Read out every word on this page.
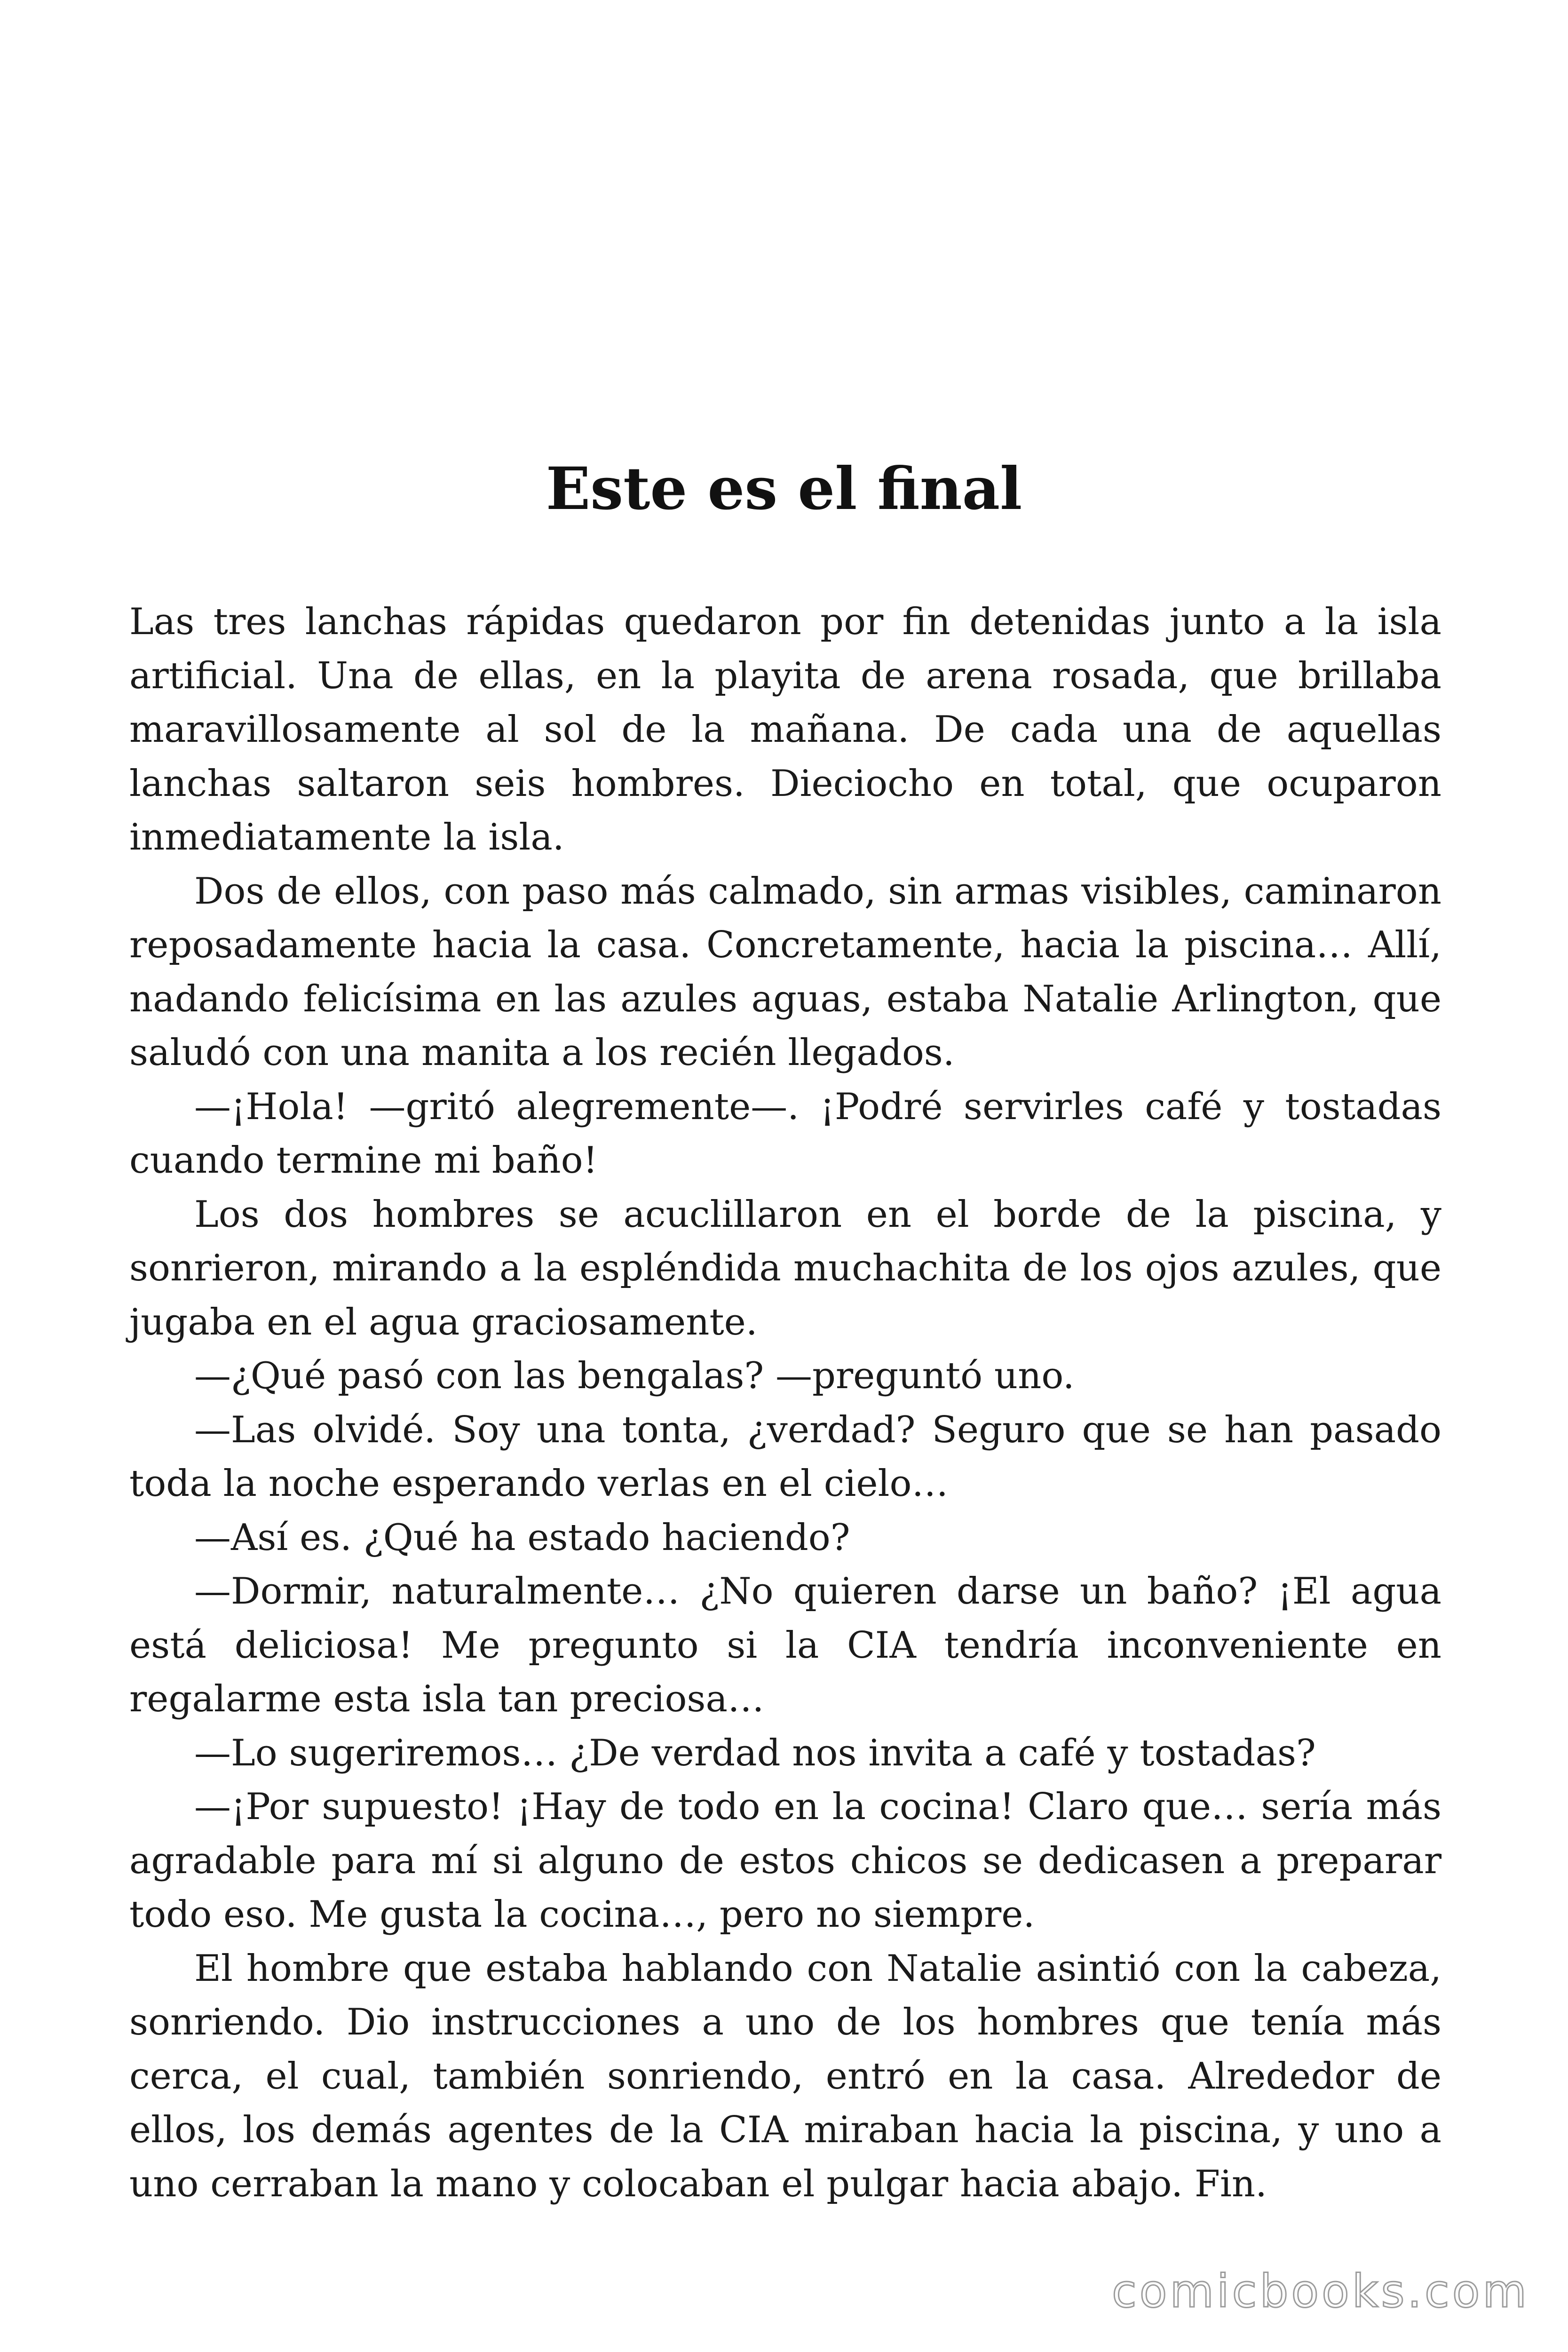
Este es el final

Las tres lanchas rápidas quedaron por fin detenidas junto a la isla artificial. Una de ellas, en la playita de arena rosada, que brillaba maravillosamente al sol de la mañana. De cada una de aquellas lanchas saltaron seis hombres. Dieciocho en total, que ocuparon inmediatamente la isla.

Dos de ellos, con paso más calmado, sin armas visibles, caminaron reposadamente hacia la casa. Concretamente, hacia la piscina… Allí, nadando felicísima en las azules aguas, estaba Natalie Arlington, que saludó con una manita a los recién llegados.

—¡Hola! —gritó alegremente—. ¡Podré servirles café y tostadas cuando termine mi baño!

Los dos hombres se acuclillaron en el borde de la piscina, y sonrieron, mirando a la espléndida muchachita de los ojos azules, que jugaba en el agua graciosamente.

—¿Qué pasó con las bengalas? —preguntó uno.

—Las olvidé. Soy una tonta, ¿verdad? Seguro que se han pasado toda la noche esperando verlas en el cielo…

—Así es. ¿Qué ha estado haciendo?

—Dormir, naturalmente… ¿No quieren darse un baño? ¡El agua está deliciosa! Me pregunto si la CIA tendría inconveniente en regalarme esta isla tan preciosa…

—Lo sugeriremos… ¿De verdad nos invita a café y tostadas?

—¡Por supuesto! ¡Hay de todo en la cocina! Claro que… sería más agradable para mí si alguno de estos chicos se dedicasen a preparar todo eso. Me gusta la cocina…, pero no siempre.

El hombre que estaba hablando con Natalie asintió con la cabeza, sonriendo. Dio instrucciones a uno de los hombres que tenía más cerca, el cual, también sonriendo, entró en la casa. Alrededor de ellos, los demás agentes de la CIA miraban hacia la piscina, y uno a uno cerraban la mano y colocaban el pulgar hacia abajo. Fin.

comicbooks.com
